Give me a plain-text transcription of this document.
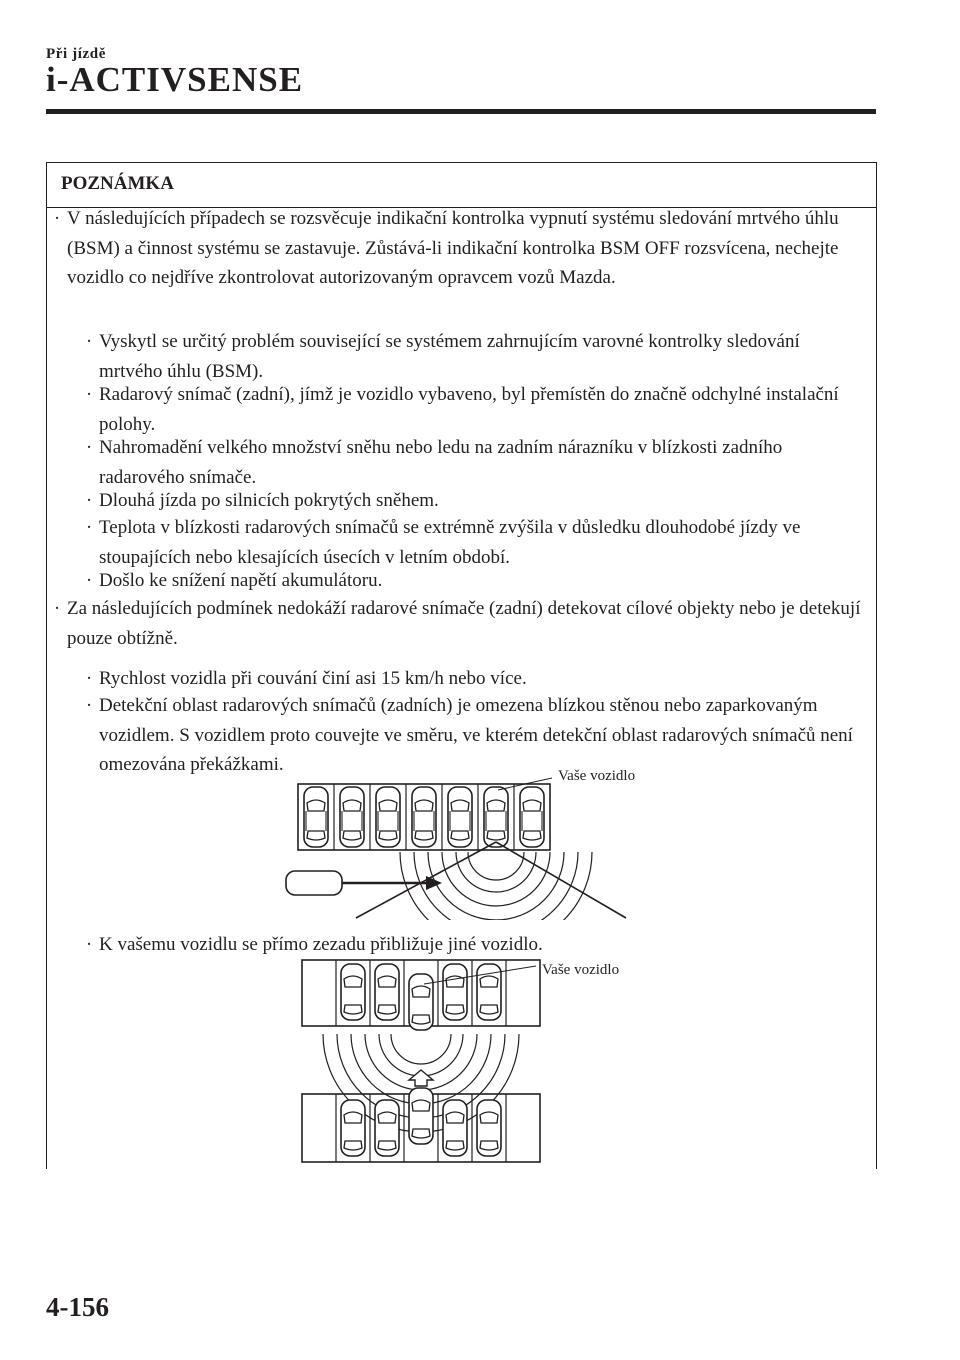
Při jízdě
i-ACTIVSENSE
POZNÁMKA
· V následujících případech se rozsvěcuje indikační kontrolka vypnutí systému sledování mrtvého úhlu (BSM) a činnost systému se zastavuje. Zůstává-li indikační kontrolka BSM OFF rozsvícena, nechejte vozidlo co nejdříve zkontrolovat autorizovaným opravcem vozů Mazda.
· Vyskytl se určitý problém související se systémem zahrnujícím varovné kontrolky sledování mrtvého úhlu (BSM).
· Radarový snímač (zadní), jímž je vozidlo vybaveno, byl přemístěn do značně odchylné instalační polohy.
· Nahromadění velkého množství sněhu nebo ledu na zadním nárazníku v blízkosti zadního radarového snímače.
· Dlouhá jízda po silnicích pokrytých sněhem.
· Teplota v blízkosti radarových snímačů se extrémně zvýšila v důsledku dlouhodobé jízdy ve stoupajících nebo klesajících úsecích v letním období.
· Došlo ke snížení napětí akumulátoru.
· Za následujících podmínek nedokáží radarové snímače (zadní) detekovat cílové objekty nebo je detekují pouze obtížně.
· Rychlost vozidla při couvání činí asi 15 km/h nebo více.
· Detekční oblast radarových snímačů (zadních) je omezena blízkou stěnou nebo zaparkovaným vozidlem. S vozidlem proto couvejte ve směru, ve kterém detekční oblast radarových snímačů není omezována překážkami.
· K vašemu vozidlu se přímo zezadu přibližuje jiné vozidlo.
Vaše vozidlo
Vaše vozidlo
4-156
